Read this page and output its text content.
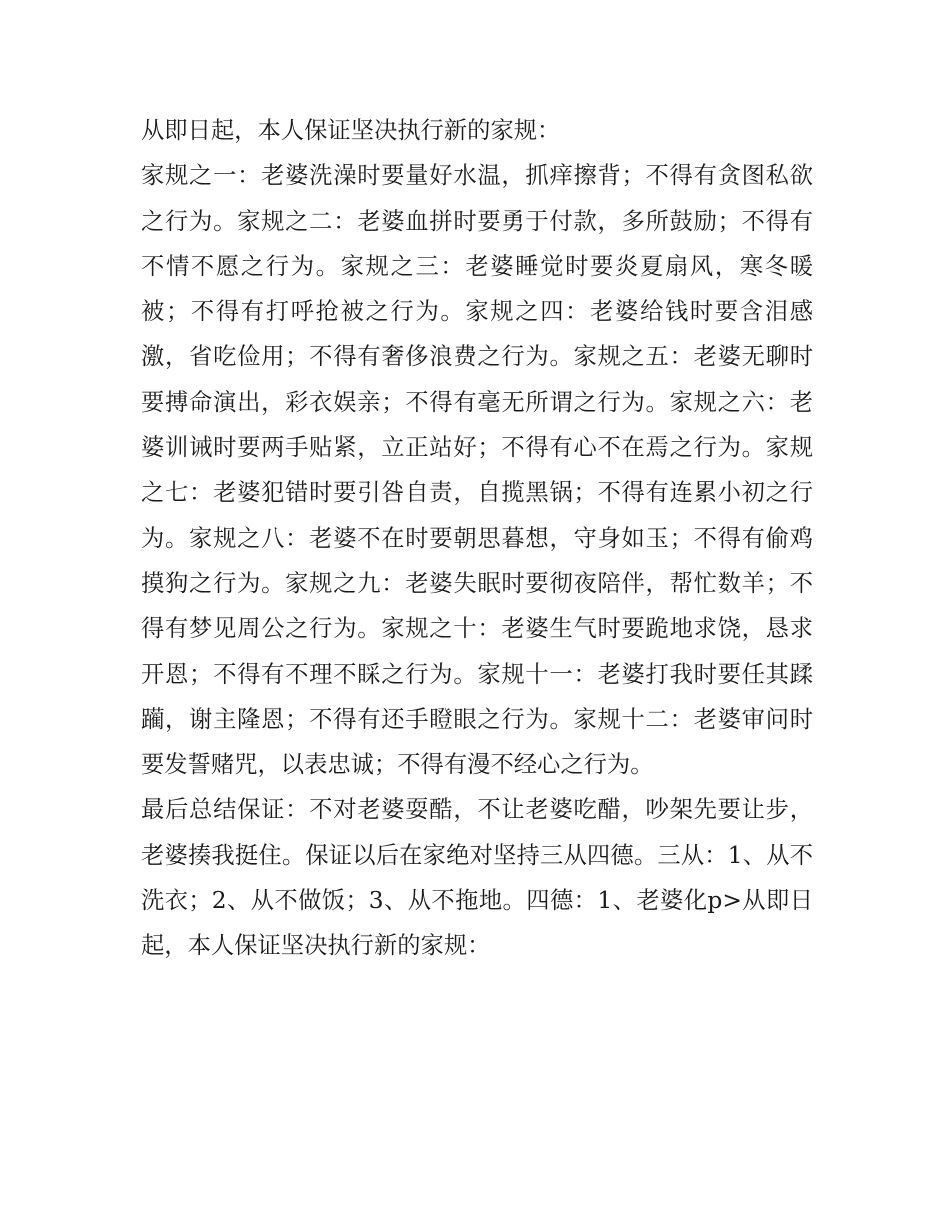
从即日起，本人保证坚决执行新的家规：

家规之一：老婆洗澡时要量好水温，抓痒擦背；不得有贪图私欲之行为。家规之二：老婆血拼时要勇于付款，多所鼓励；不得有不情不愿之行为。家规之三：老婆睡觉时要炎夏扇风，寒冬暖被；不得有打呼抢被之行为。家规之四：老婆给钱时要含泪感激，省吃俭用；不得有奢侈浪费之行为。家规之五：老婆无聊时要搏命演出，彩衣娱亲；不得有毫无所谓之行为。家规之六：老婆训诫时要两手贴紧，立正站好；不得有心不在焉之行为。家规之七：老婆犯错时要引咎自责，自揽黑锅；不得有连累小初之行为。家规之八：老婆不在时要朝思暮想，守身如玉；不得有偷鸡摸狗之行为。家规之九：老婆失眠时要彻夜陪伴，帮忙数羊；不得有梦见周公之行为。家规之十：老婆生气时要跪地求饶，恳求开恩；不得有不理不睬之行为。家规十一：老婆打我时要任其蹂躏，谢主隆恩；不得有还手瞪眼之行为。家规十二：老婆审问时要发誓赌咒，以表忠诚；不得有漫不经心之行为。

最后总结保证：不对老婆耍酷，不让老婆吃醋，吵架先要让步，老婆揍我挺住。保证以后在家绝对坚持三从四德。三从：1、从不洗衣；2、从不做饭；3、从不拖地。四德：1、老婆化p>从即日起，本人保证坚决执行新的家规：
